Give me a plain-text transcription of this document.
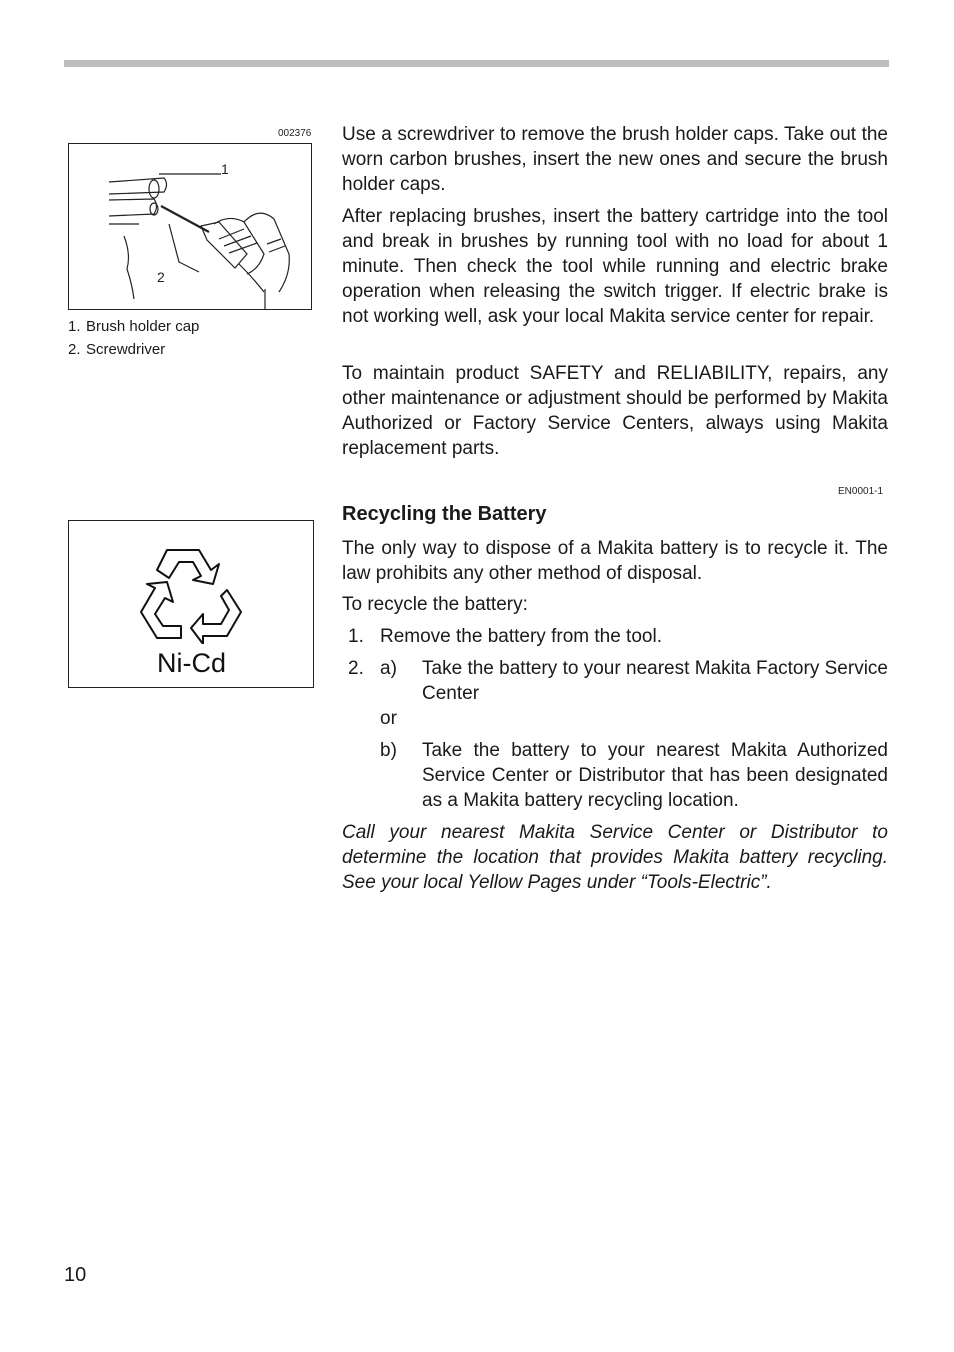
002376
1
2
1. Brush holder cap
2. Screwdriver

Use a screwdriver to remove the brush holder caps. Take out the worn carbon brushes, insert the new ones and secure the brush holder caps.

After replacing brushes, insert the battery cartridge into the tool and break in brushes by running tool with no load for about 1 minute. Then check the tool while running and electric brake operation when releasing the switch trigger. If electric brake is not working well, ask your local Makita service center for repair.

To maintain product SAFETY and RELIABILITY, repairs, any other maintenance or adjustment should be performed by Makita Authorized or Factory Service Centers, always using Makita replacement parts.

EN0001-1
Recycling the Battery

The only way to dispose of a Makita battery is to recycle it. The law prohibits any other method of disposal.

To recycle the battery:

1. Remove the battery from the tool.
2. a) Take the battery to your nearest Makita Factory Service Center
or
b) Take the battery to your nearest Makita Authorized Service Center or Distributor that has been designated as a Makita battery recycling location.

Call your nearest Makita Service Center or Distributor to determine the location that provides Makita battery recycling. See your local Yellow Pages under “Tools-Electric”.

Ni-Cd
10
